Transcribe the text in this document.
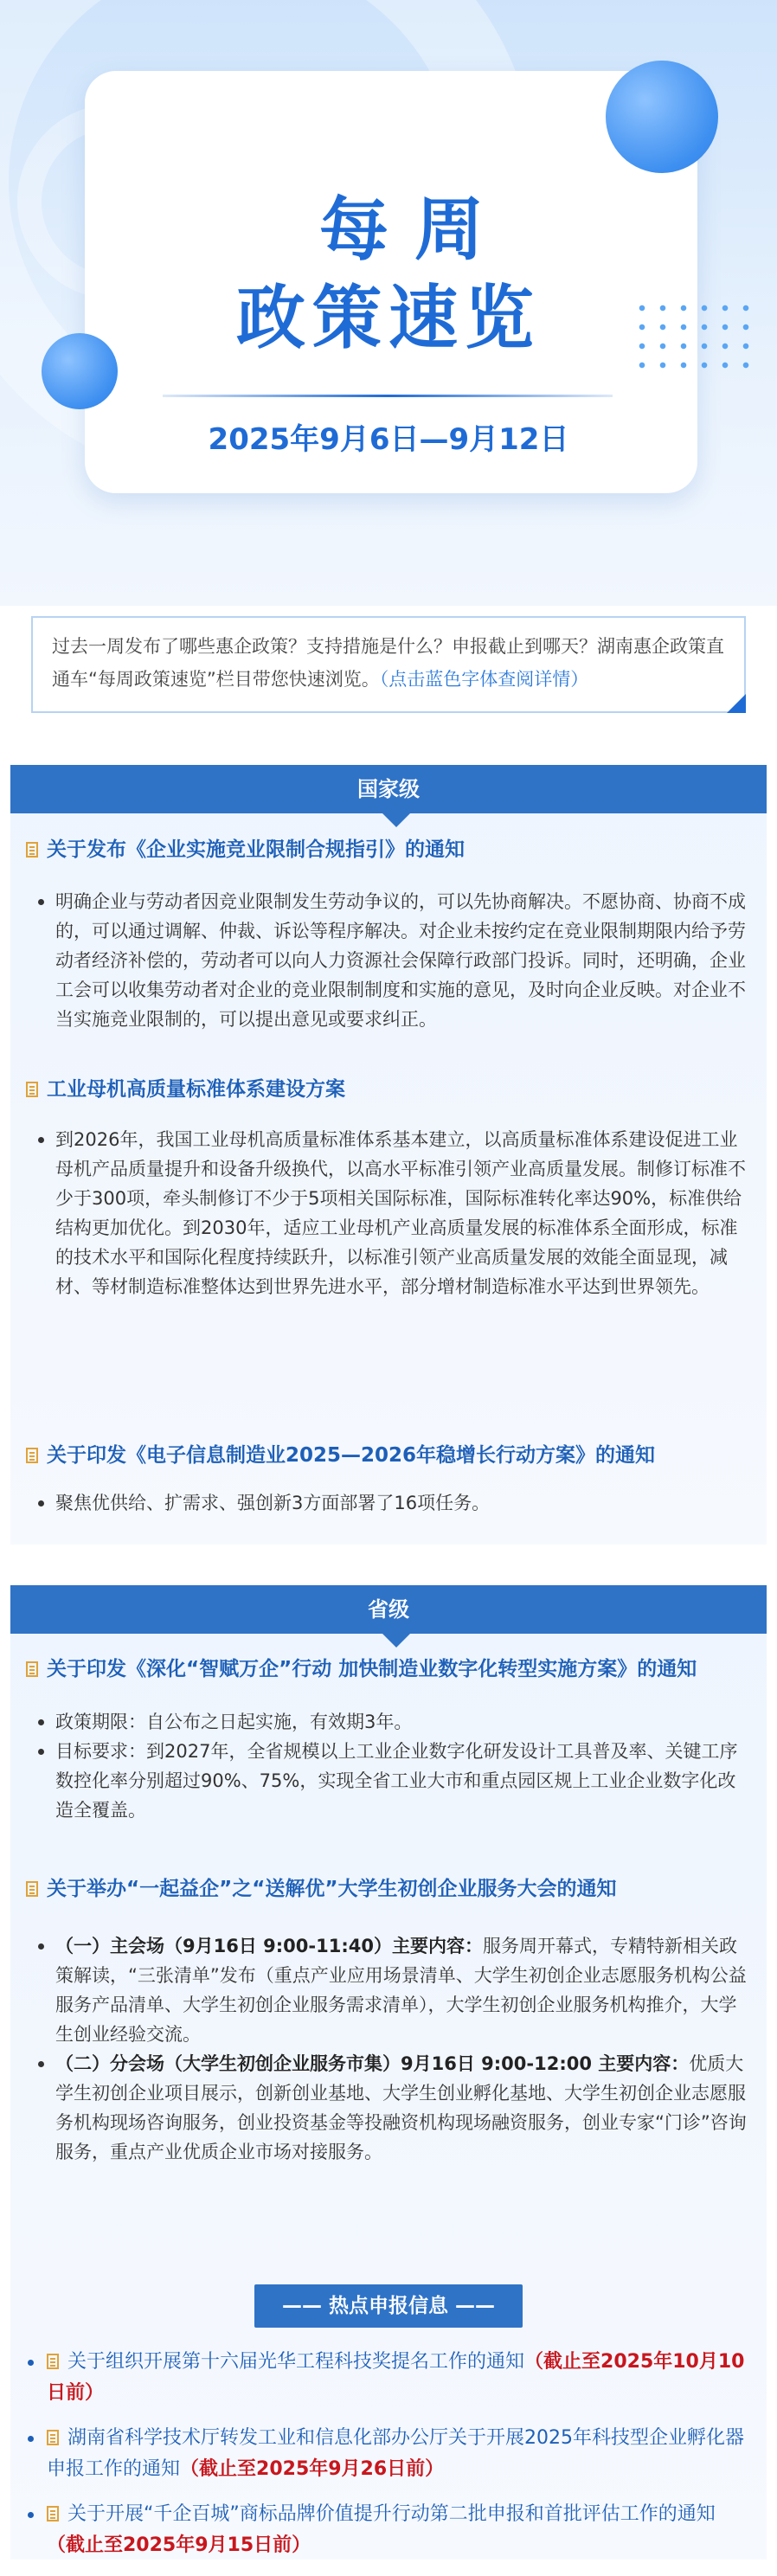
每周
政策速览
2025年9月6日—9月12日
过去一周发布了哪些惠企政策？支持措施是什么？申报截止到哪天？湖南惠企政策直通车“每周政策速览”栏目带您快速浏览。（点击蓝色字体查阅详情）
国家级
关于发布《企业实施竞业限制合规指引》的通知
明确企业与劳动者因竞业限制发生劳动争议的，可以先协商解决。不愿协商、协商不成的，可以通过调解、仲裁、诉讼等程序解决。对企业未按约定在竞业限制期限内给予劳动者经济补偿的，劳动者可以向人力资源社会保障行政部门投诉。同时，还明确，企业工会可以收集劳动者对企业的竞业限制制度和实施的意见，及时向企业反映。对企业不当实施竞业限制的，可以提出意见或要求纠正。
工业母机高质量标准体系建设方案
到2026年，我国工业母机高质量标准体系基本建立，以高质量标准体系建设促进工业母机产品质量提升和设备升级换代，以高水平标准引领产业高质量发展。制修订标准不少于300项，牵头制修订不少于5项相关国际标准，国际标准转化率达90%，标准供给结构更加优化。到2030年，适应工业母机产业高质量发展的标准体系全面形成，标准的技术水平和国际化程度持续跃升，以标准引领产业高质量发展的效能全面显现，减材、等材制造标准整体达到世界先进水平，部分增材制造标准水平达到世界领先。
关于印发《电子信息制造业2025—2026年稳增长行动方案》的通知
聚焦优供给、扩需求、强创新3方面部署了16项任务。
省级
关于印发《深化“智赋万企”行动 加快制造业数字化转型实施方案》的通知
政策期限：自公布之日起实施，有效期3年。
目标要求：到2027年，全省规模以上工业企业数字化研发设计工具普及率、关键工序数控化率分别超过90%、75%，实现全省工业大市和重点园区规上工业企业数字化改造全覆盖。
关于举办“一起益企”之“送解优”大学生初创企业服务大会的通知
（一）主会场（9月16日 9:00-11:40）主要内容：服务周开幕式，专精特新相关政策解读，“三张清单”发布（重点产业应用场景清单、大学生初创企业志愿服务机构公益服务产品清单、大学生初创企业服务需求清单），大学生初创企业服务机构推介，大学生创业经验交流。
（二）分会场（大学生初创企业服务市集）9月16日 9:00-12:00 主要内容：优质大学生初创企业项目展示，创新创业基地、大学生创业孵化基地、大学生初创企业志愿服务机构现场咨询服务，创业投资基金等投融资机构现场融资服务，创业专家“门诊”咨询服务，重点产业优质企业市场对接服务。
—— 热点申报信息 ——
关于组织开展第十六届光华工程科技奖提名工作的通知（截止至2025年10月10日前）
湖南省科学技术厅转发工业和信息化部办公厅关于开展2025年科技型企业孵化器申报工作的通知（截止至2025年9月26日前）
关于开展“千企百城”商标品牌价值提升行动第二批申报和首批评估工作的通知（截止至2025年9月15日前）
